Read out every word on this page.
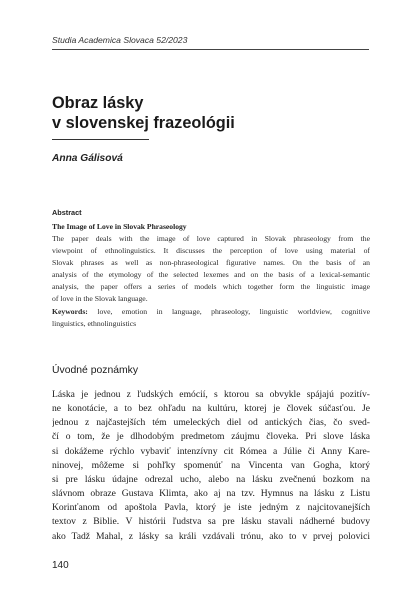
Studia Academica Slovaca 52/2023
Obraz lásky
v slovenskej frazeológii
Anna Gálisová
Abstract
The Image of Love in Slovak Phraseology
The paper deals with the image of love captured in Slovak phraseology from the
viewpoint of ethnolinguistics. It discusses the perception of love using material of
Slovak phrases as well as non-phraseological figurative names. On the basis of an
analysis of the etymology of the selected lexemes and on the basis of a lexical-semantic
analysis, the paper offers a series of models which together form the linguistic image
of love in the Slovak language.
Keywords: love, emotion in language, phraseology, linguistic worldview, cognitive
linguistics, ethnolinguistics
Úvodné poznámky
Láska je jednou z ľudských emócií, s ktorou sa obvykle spájajú pozitív-
ne konotácie, a to bez ohľadu na kultúru, ktorej je človek súčasťou. Je
jednou z najčastejších tém umeleckých diel od antických čias, čo sved-
čí o tom, že je dlhodobým predmetom záujmu človeka. Pri slove láska
si dokážeme rýchlo vybaviť intenzívny cit Rómea a Júlie či Anny Kare-
ninovej, môžeme si pohľky spomenúť na Vincenta van Gogha, ktorý
si pre lásku údajne odrezal ucho, alebo na lásku zvečnenú bozkom na
slávnom obraze Gustava Klimta, ako aj na tzv. Hymnus na lásku z Listu
Korinťanom od apoštola Pavla, ktorý je iste jedným z najcitovanejších
textov z Biblie. V histórii ľudstva sa pre lásku stavali nádherné budovy
ako Tadž Mahal, z lásky sa králi vzdávali trónu, ako to v prvej polovici
140
